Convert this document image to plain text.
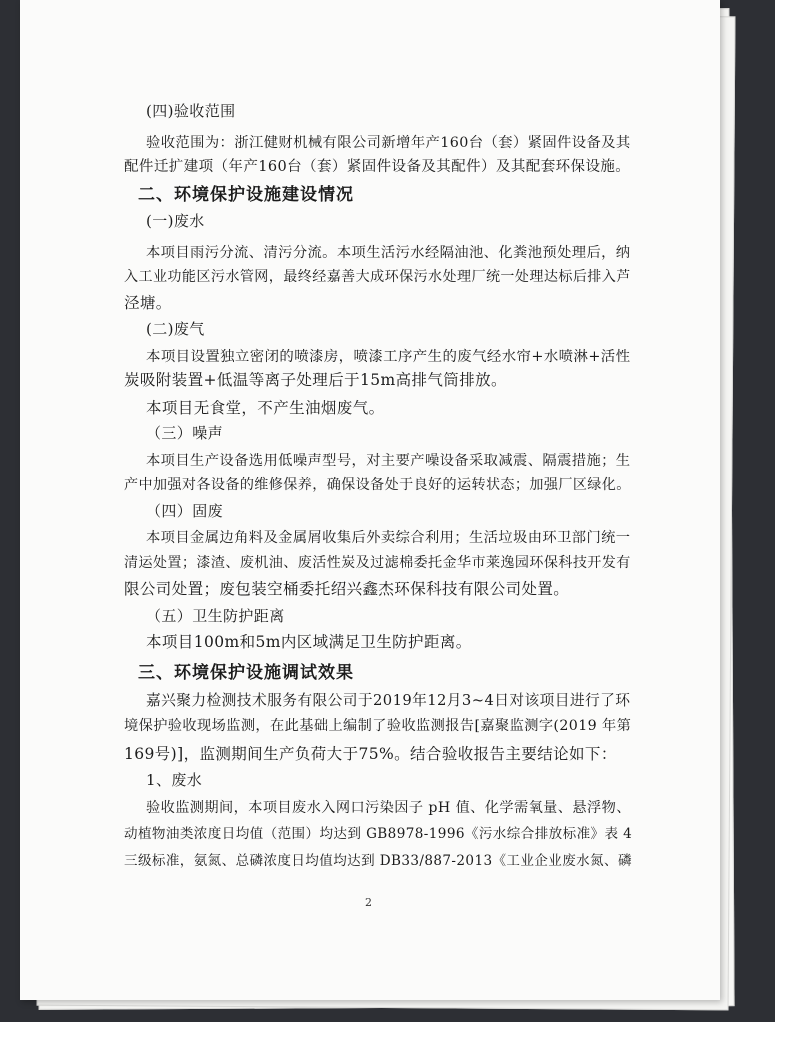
(四)验收范围
验收范围为：浙江健财机械有限公司新增年产160台（套）紧固件设备及其
配件迁扩建项（年产160台（套）紧固件设备及其配件）及其配套环保设施。
二、环境保护设施建设情况
(一)废水
本项目雨污分流、清污分流。本项生活污水经隔油池、化粪池预处理后，纳
入工业功能区污水管网，最终经嘉善大成环保污水处理厂统一处理达标后排入芦
泾塘。
(二)废气
本项目设置独立密闭的喷漆房，喷漆工序产生的废气经水帘+水喷淋+活性
炭吸附装置+低温等离子处理后于15m高排气筒排放。
本项目无食堂，不产生油烟废气。
（三）噪声
本项目生产设备选用低噪声型号，对主要产噪设备采取减震、隔震措施；生
产中加强对各设备的维修保养，确保设备处于良好的运转状态；加强厂区绿化。
（四）固废
本项目金属边角料及金属屑收集后外卖综合利用；生活垃圾由环卫部门统一
清运处置；漆渣、废机油、废活性炭及过滤棉委托金华市莱逸园环保科技开发有
限公司处置；废包装空桶委托绍兴鑫杰环保科技有限公司处置。
（五）卫生防护距离
本项目100m和5m内区域满足卫生防护距离。
三、环境保护设施调试效果
嘉兴聚力检测技术服务有限公司于2019年12月3~4日对该项目进行了环
境保护验收现场监测，在此基础上编制了验收监测报告[嘉聚监测字(2019 年第
169号)]，监测期间生产负荷大于75%。结合验收报告主要结论如下：
1、废水
验收监测期间，本项目废水入网口污染因子 pH 值、化学需氧量、悬浮物、
动植物油类浓度日均值（范围）均达到 GB8978-1996《污水综合排放标准》表 4
三级标准，氨氮、总磷浓度日均值均达到 DB33/887-2013《工业企业废水氮、磷
2
